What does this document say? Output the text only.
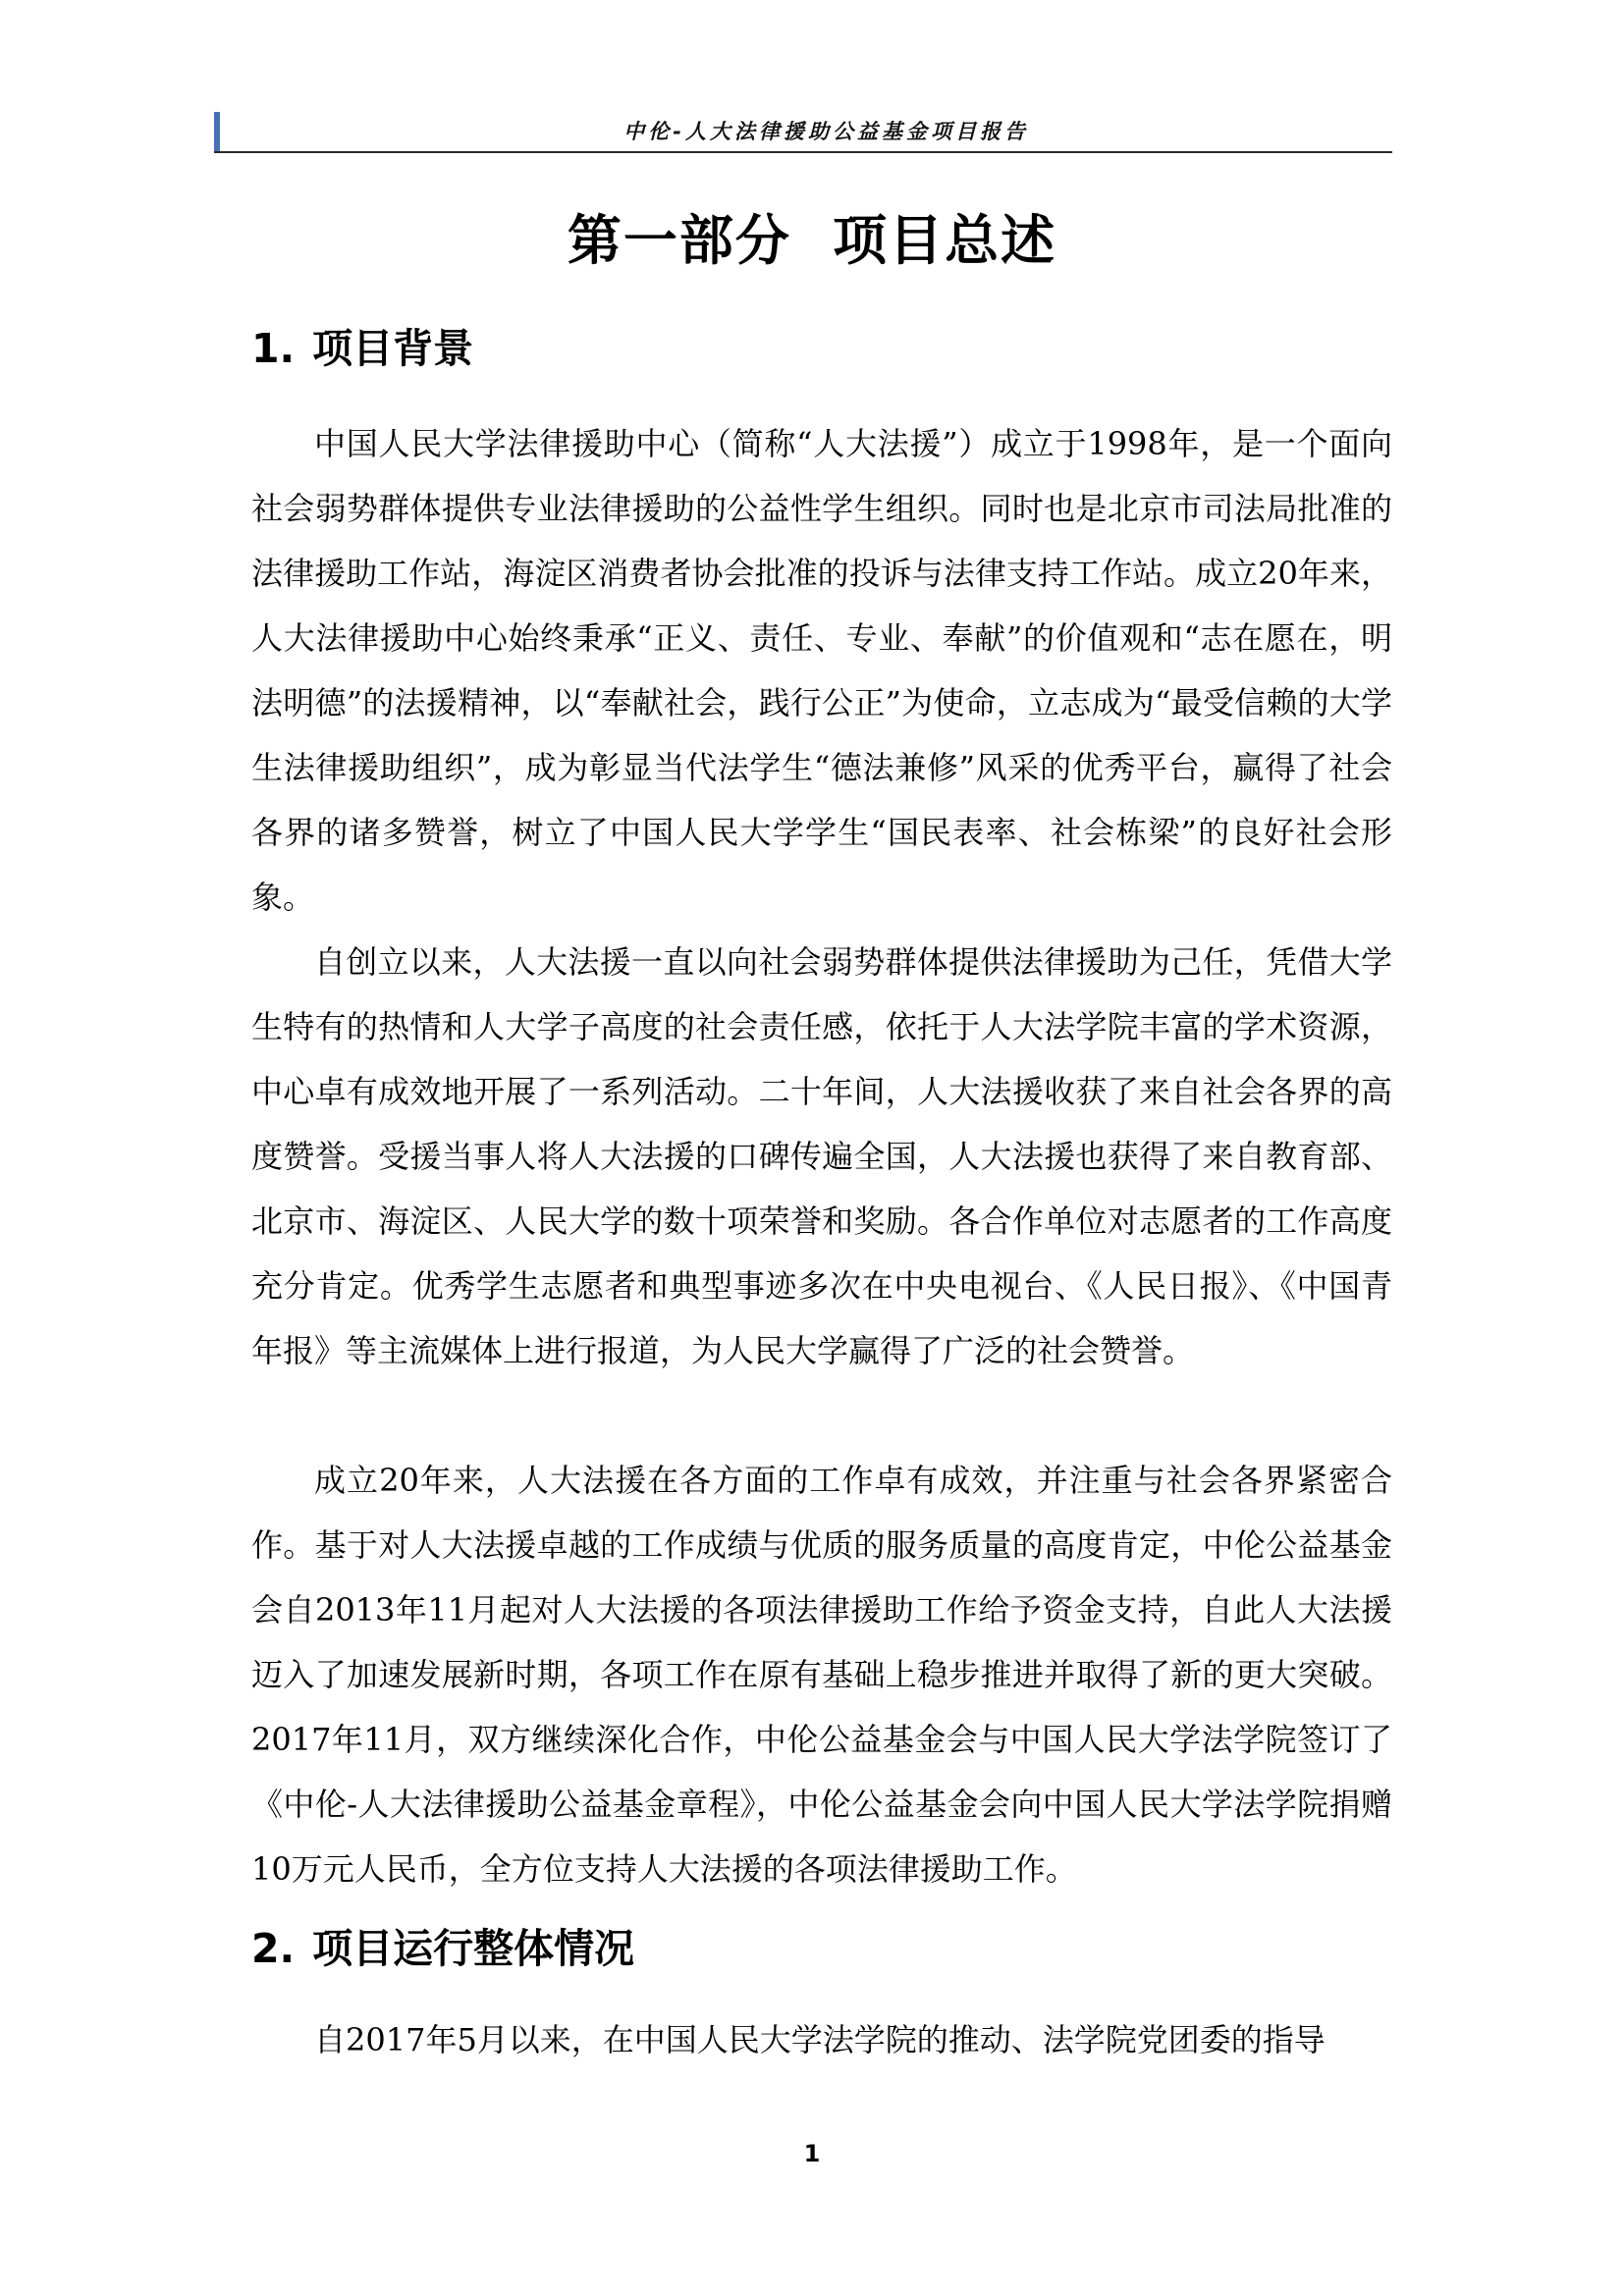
中伦-人大法律援助公益基金项目报告
第一部分  项目总述
1. 项目背景

中国人民大学法律援助中心（简称“人大法援”）成立于1998年，是一个面向社会弱势群体提供专业法律援助的公益性学生组织。同时也是北京市司法局批准的法律援助工作站，海淀区消费者协会批准的投诉与法律支持工作站。成立20年来，人大法律援助中心始终秉承“正义、责任、专业、奉献”的价值观和“志在愿在，明法明德”的法援精神，以“奉献社会，践行公正”为使命，立志成为“最受信赖的大学生法律援助组织”，成为彰显当代法学生“德法兼修”风采的优秀平台，赢得了社会各界的诸多赞誉，树立了中国人民大学学生“国民表率、社会栋梁”的良好社会形象。

自创立以来，人大法援一直以向社会弱势群体提供法律援助为己任，凭借大学生特有的热情和人大学子高度的社会责任感，依托于人大法学院丰富的学术资源，中心卓有成效地开展了一系列活动。二十年间，人大法援收获了来自社会各界的高度赞誉。受援当事人将人大法援的口碑传遍全国，人大法援也获得了来自教育部、北京市、海淀区、人民大学的数十项荣誉和奖励。各合作单位对志愿者的工作高度充分肯定。优秀学生志愿者和典型事迹多次在中央电视台、《人民日报》、《中国青年报》等主流媒体上进行报道，为人民大学赢得了广泛的社会赞誉。

成立20年来，人大法援在各方面的工作卓有成效，并注重与社会各界紧密合作。基于对人大法援卓越的工作成绩与优质的服务质量的高度肯定，中伦公益基金会自2013年11月起对人大法援的各项法律援助工作给予资金支持，自此人大法援迈入了加速发展新时期，各项工作在原有基础上稳步推进并取得了新的更大突破。2017年11月，双方继续深化合作，中伦公益基金会与中国人民大学法学院签订了《中伦-人大法律援助公益基金章程》，中伦公益基金会向中国人民大学法学院捐赠10万元人民币，全方位支持人大法援的各项法律援助工作。

2. 项目运行整体情况

自2017年5月以来，在中国人民大学法学院的推动、法学院党团委的指导

1
